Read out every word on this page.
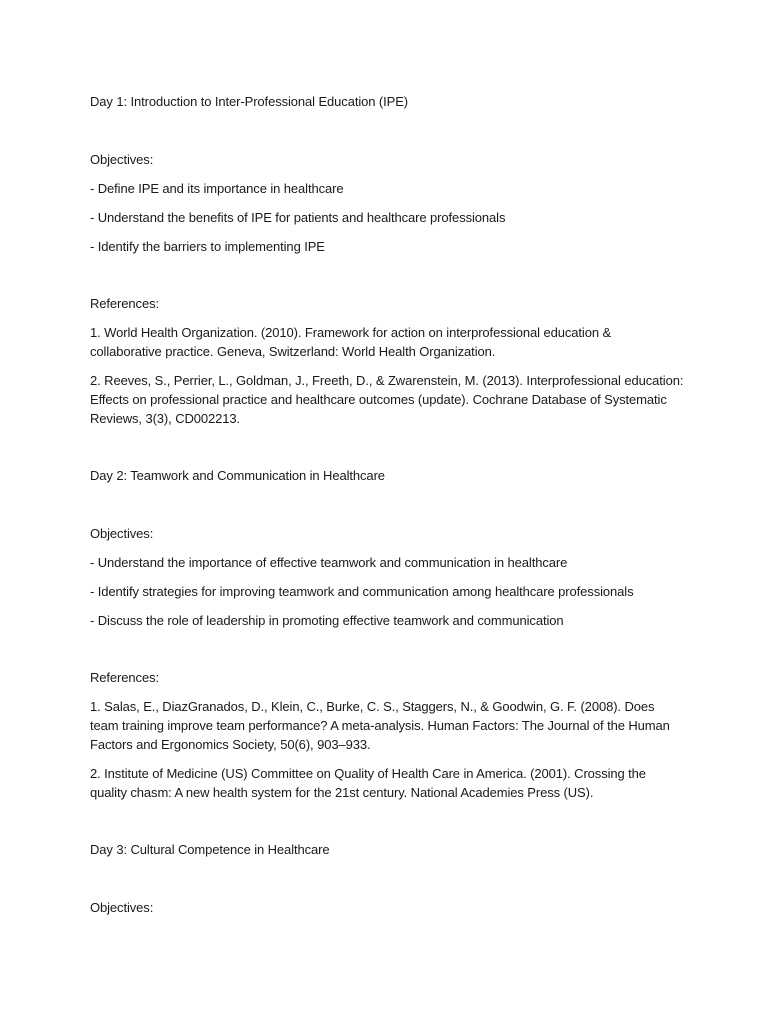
Day 1: Introduction to Inter-Professional Education (IPE)
Objectives:
- Define IPE and its importance in healthcare
- Understand the benefits of IPE for patients and healthcare professionals
- Identify the barriers to implementing IPE
References:
1. World Health Organization. (2010). Framework for action on interprofessional education & collaborative practice. Geneva, Switzerland: World Health Organization.
2. Reeves, S., Perrier, L., Goldman, J., Freeth, D., & Zwarenstein, M. (2013). Interprofessional education: Effects on professional practice and healthcare outcomes (update). Cochrane Database of Systematic Reviews, 3(3), CD002213.
Day 2: Teamwork and Communication in Healthcare
Objectives:
- Understand the importance of effective teamwork and communication in healthcare
- Identify strategies for improving teamwork and communication among healthcare professionals
- Discuss the role of leadership in promoting effective teamwork and communication
References:
1. Salas, E., DiazGranados, D., Klein, C., Burke, C. S., Staggers, N., & Goodwin, G. F. (2008). Does team training improve team performance? A meta-analysis. Human Factors: The Journal of the Human Factors and Ergonomics Society, 50(6), 903–933.
2. Institute of Medicine (US) Committee on Quality of Health Care in America. (2001). Crossing the quality chasm: A new health system for the 21st century. National Academies Press (US).
Day 3: Cultural Competence in Healthcare
Objectives:
